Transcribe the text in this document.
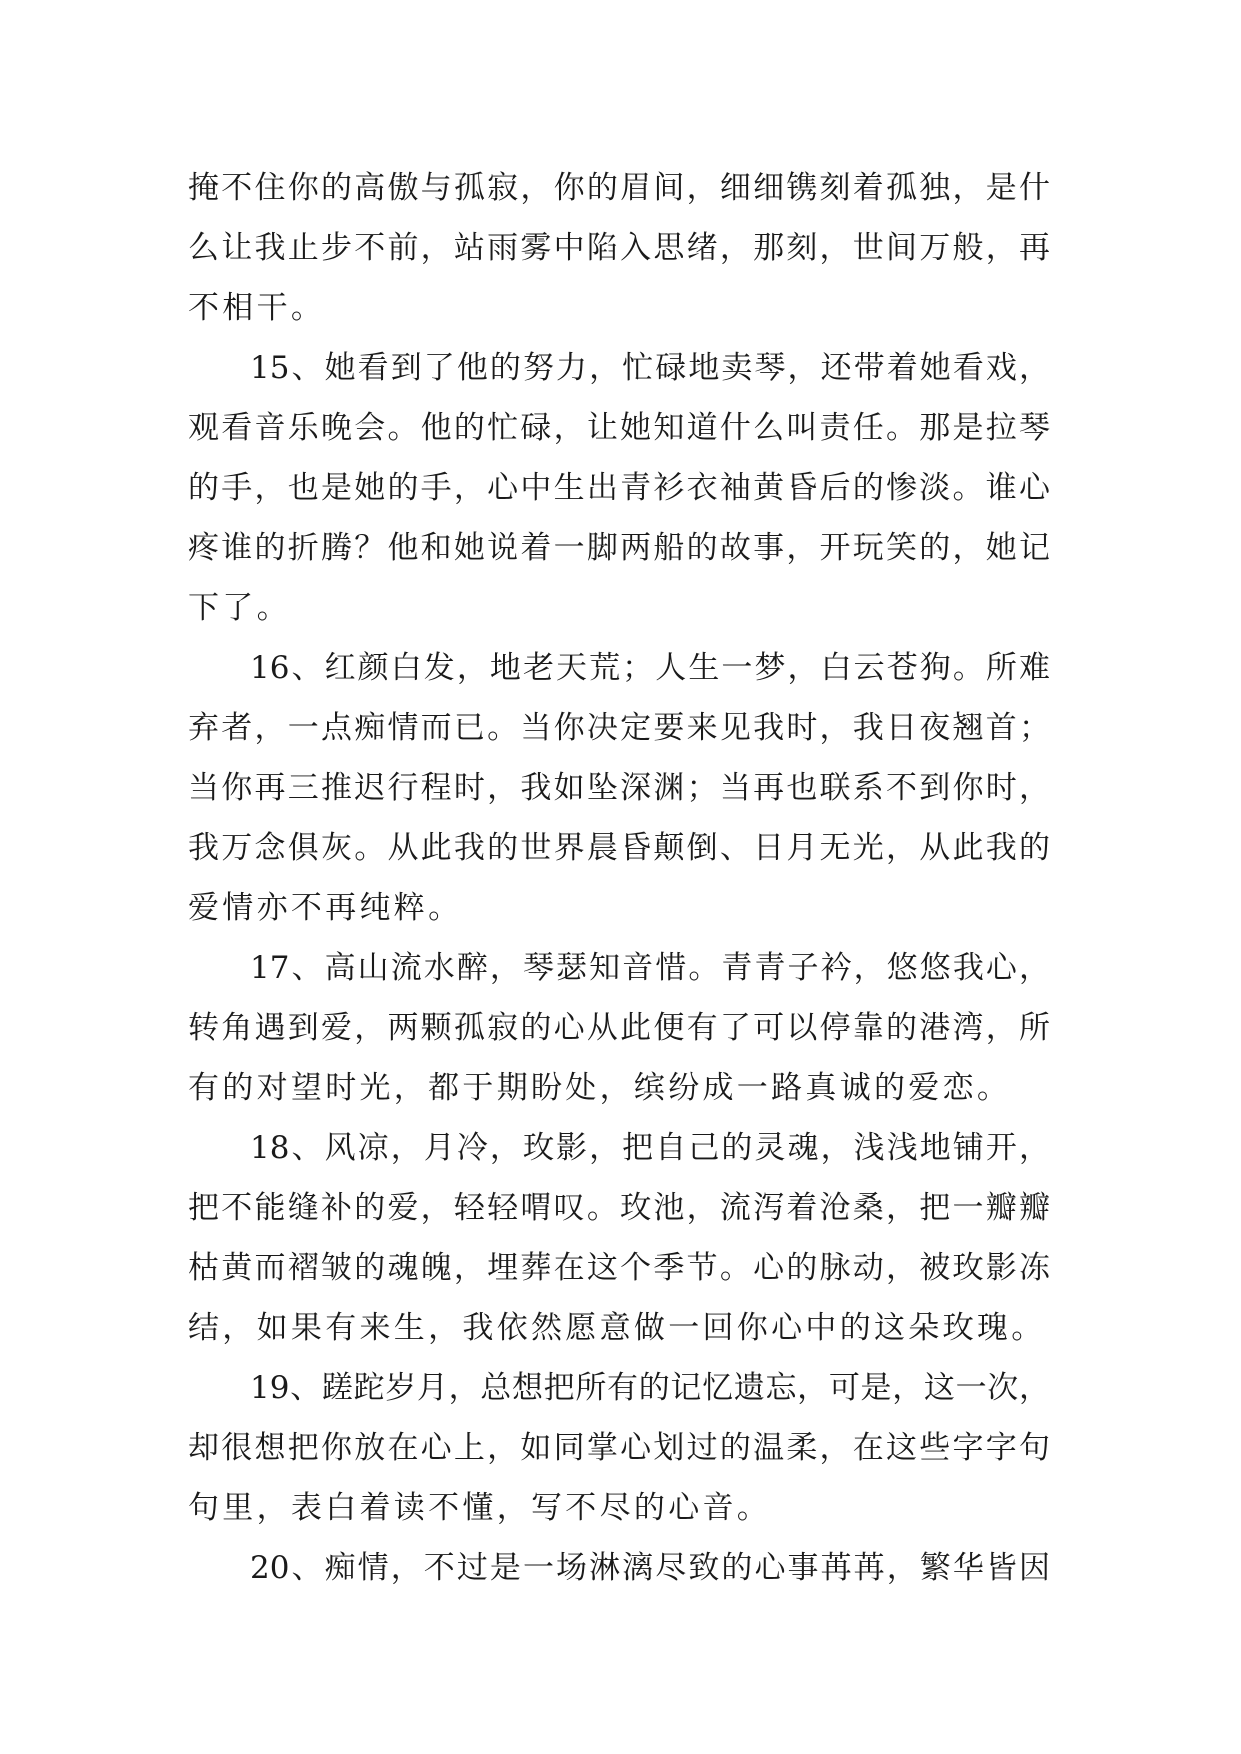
掩不住你的高傲与孤寂，你的眉间，细细镌刻着孤独，是什
么让我止步不前，站雨雾中陷入思绪，那刻，世间万般，再
不相干。
15、她看到了他的努力，忙碌地卖琴，还带着她看戏，
观看音乐晚会。他的忙碌，让她知道什么叫责任。那是拉琴
的手，也是她的手，心中生出青衫衣袖黄昏后的惨淡。谁心
疼谁的折腾？他和她说着一脚两船的故事，开玩笑的，她记
下了。
16、红颜白发，地老天荒；人生一梦，白云苍狗。所难
弃者，一点痴情而已。当你决定要来见我时，我日夜翘首；
当你再三推迟行程时，我如坠深渊；当再也联系不到你时，
我万念俱灰。从此我的世界晨昏颠倒、日月无光，从此我的
爱情亦不再纯粹。
17、高山流水醉，琴瑟知音惜。青青子衿，悠悠我心，
转角遇到爱，两颗孤寂的心从此便有了可以停靠的港湾，所
有的对望时光，都于期盼处，缤纷成一路真诚的爱恋。
18、风凉，月冷，玫影，把自己的灵魂，浅浅地铺开，
把不能缝补的爱，轻轻喟叹。玫池，流泻着沧桑，把一瓣瓣
枯黄而褶皱的魂魄，埋葬在这个季节。心的脉动，被玫影冻
结，如果有来生，我依然愿意做一回你心中的这朵玫瑰。
19、蹉跎岁月，总想把所有的记忆遗忘，可是，这一次，
却很想把你放在心上，如同掌心划过的温柔，在这些字字句
句里，表白着读不懂，写不尽的心音。
20、痴情，不过是一场淋漓尽致的心事苒苒，繁华皆因
